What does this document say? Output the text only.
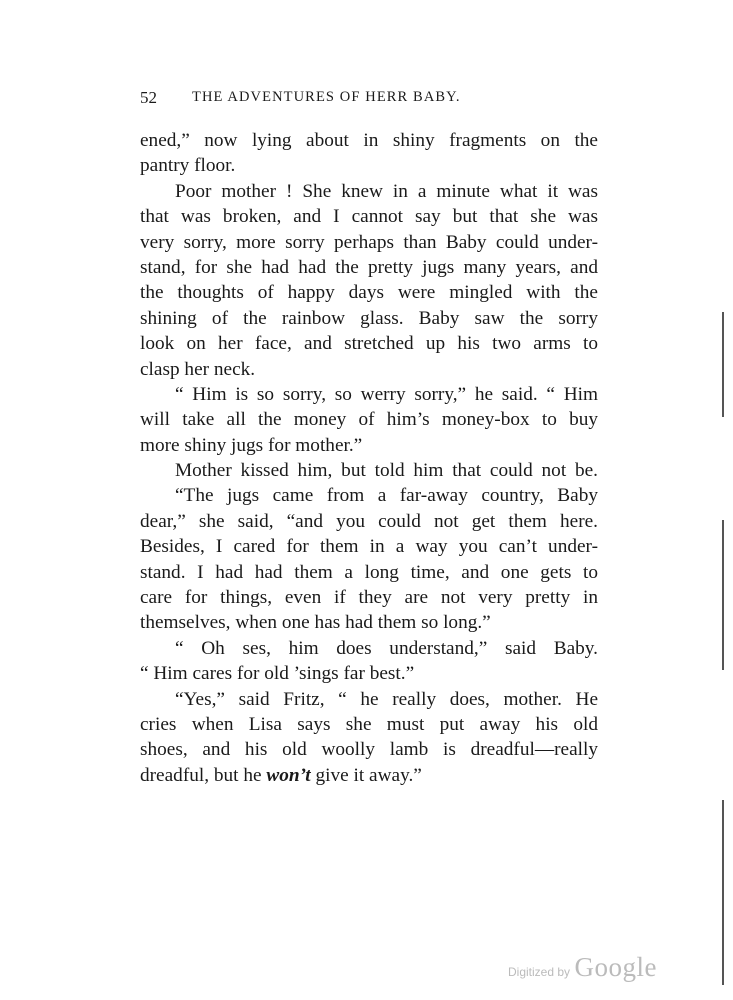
52 THE ADVENTURES OF HERR BABY.
ened,” now lying about in shiny fragments on the
pantry floor.
Poor mother ! She knew in a minute what it was
that was broken, and I cannot say but that she was
very sorry, more sorry perhaps than Baby could under-
stand, for she had had the pretty jugs many years, and
the thoughts of happy days were mingled with the
shining of the rainbow glass. Baby saw the sorry
look on her face, and stretched up his two arms to
clasp her neck.
“ Him is so sorry, so werry sorry,” he said. “ Him
will take all the money of him’s money-box to buy
more shiny jugs for mother.”
Mother kissed him, but told him that could not be.
“The jugs came from a far-away country, Baby
dear,” she said, “and you could not get them here.
Besides, I cared for them in a way you can’t under-
stand. I had had them a long time, and one gets to
care for things, even if they are not very pretty in
themselves, when one has had them so long.”
“ Oh ses, him does understand,” said Baby.
“ Him cares for old ’sings far best.”
“Yes,” said Fritz, “ he really does, mother. He
cries when Lisa says she must put away his old
shoes, and his old woolly lamb is dreadful—really
dreadful, but he won’t give it away.”
Digitized by Google
